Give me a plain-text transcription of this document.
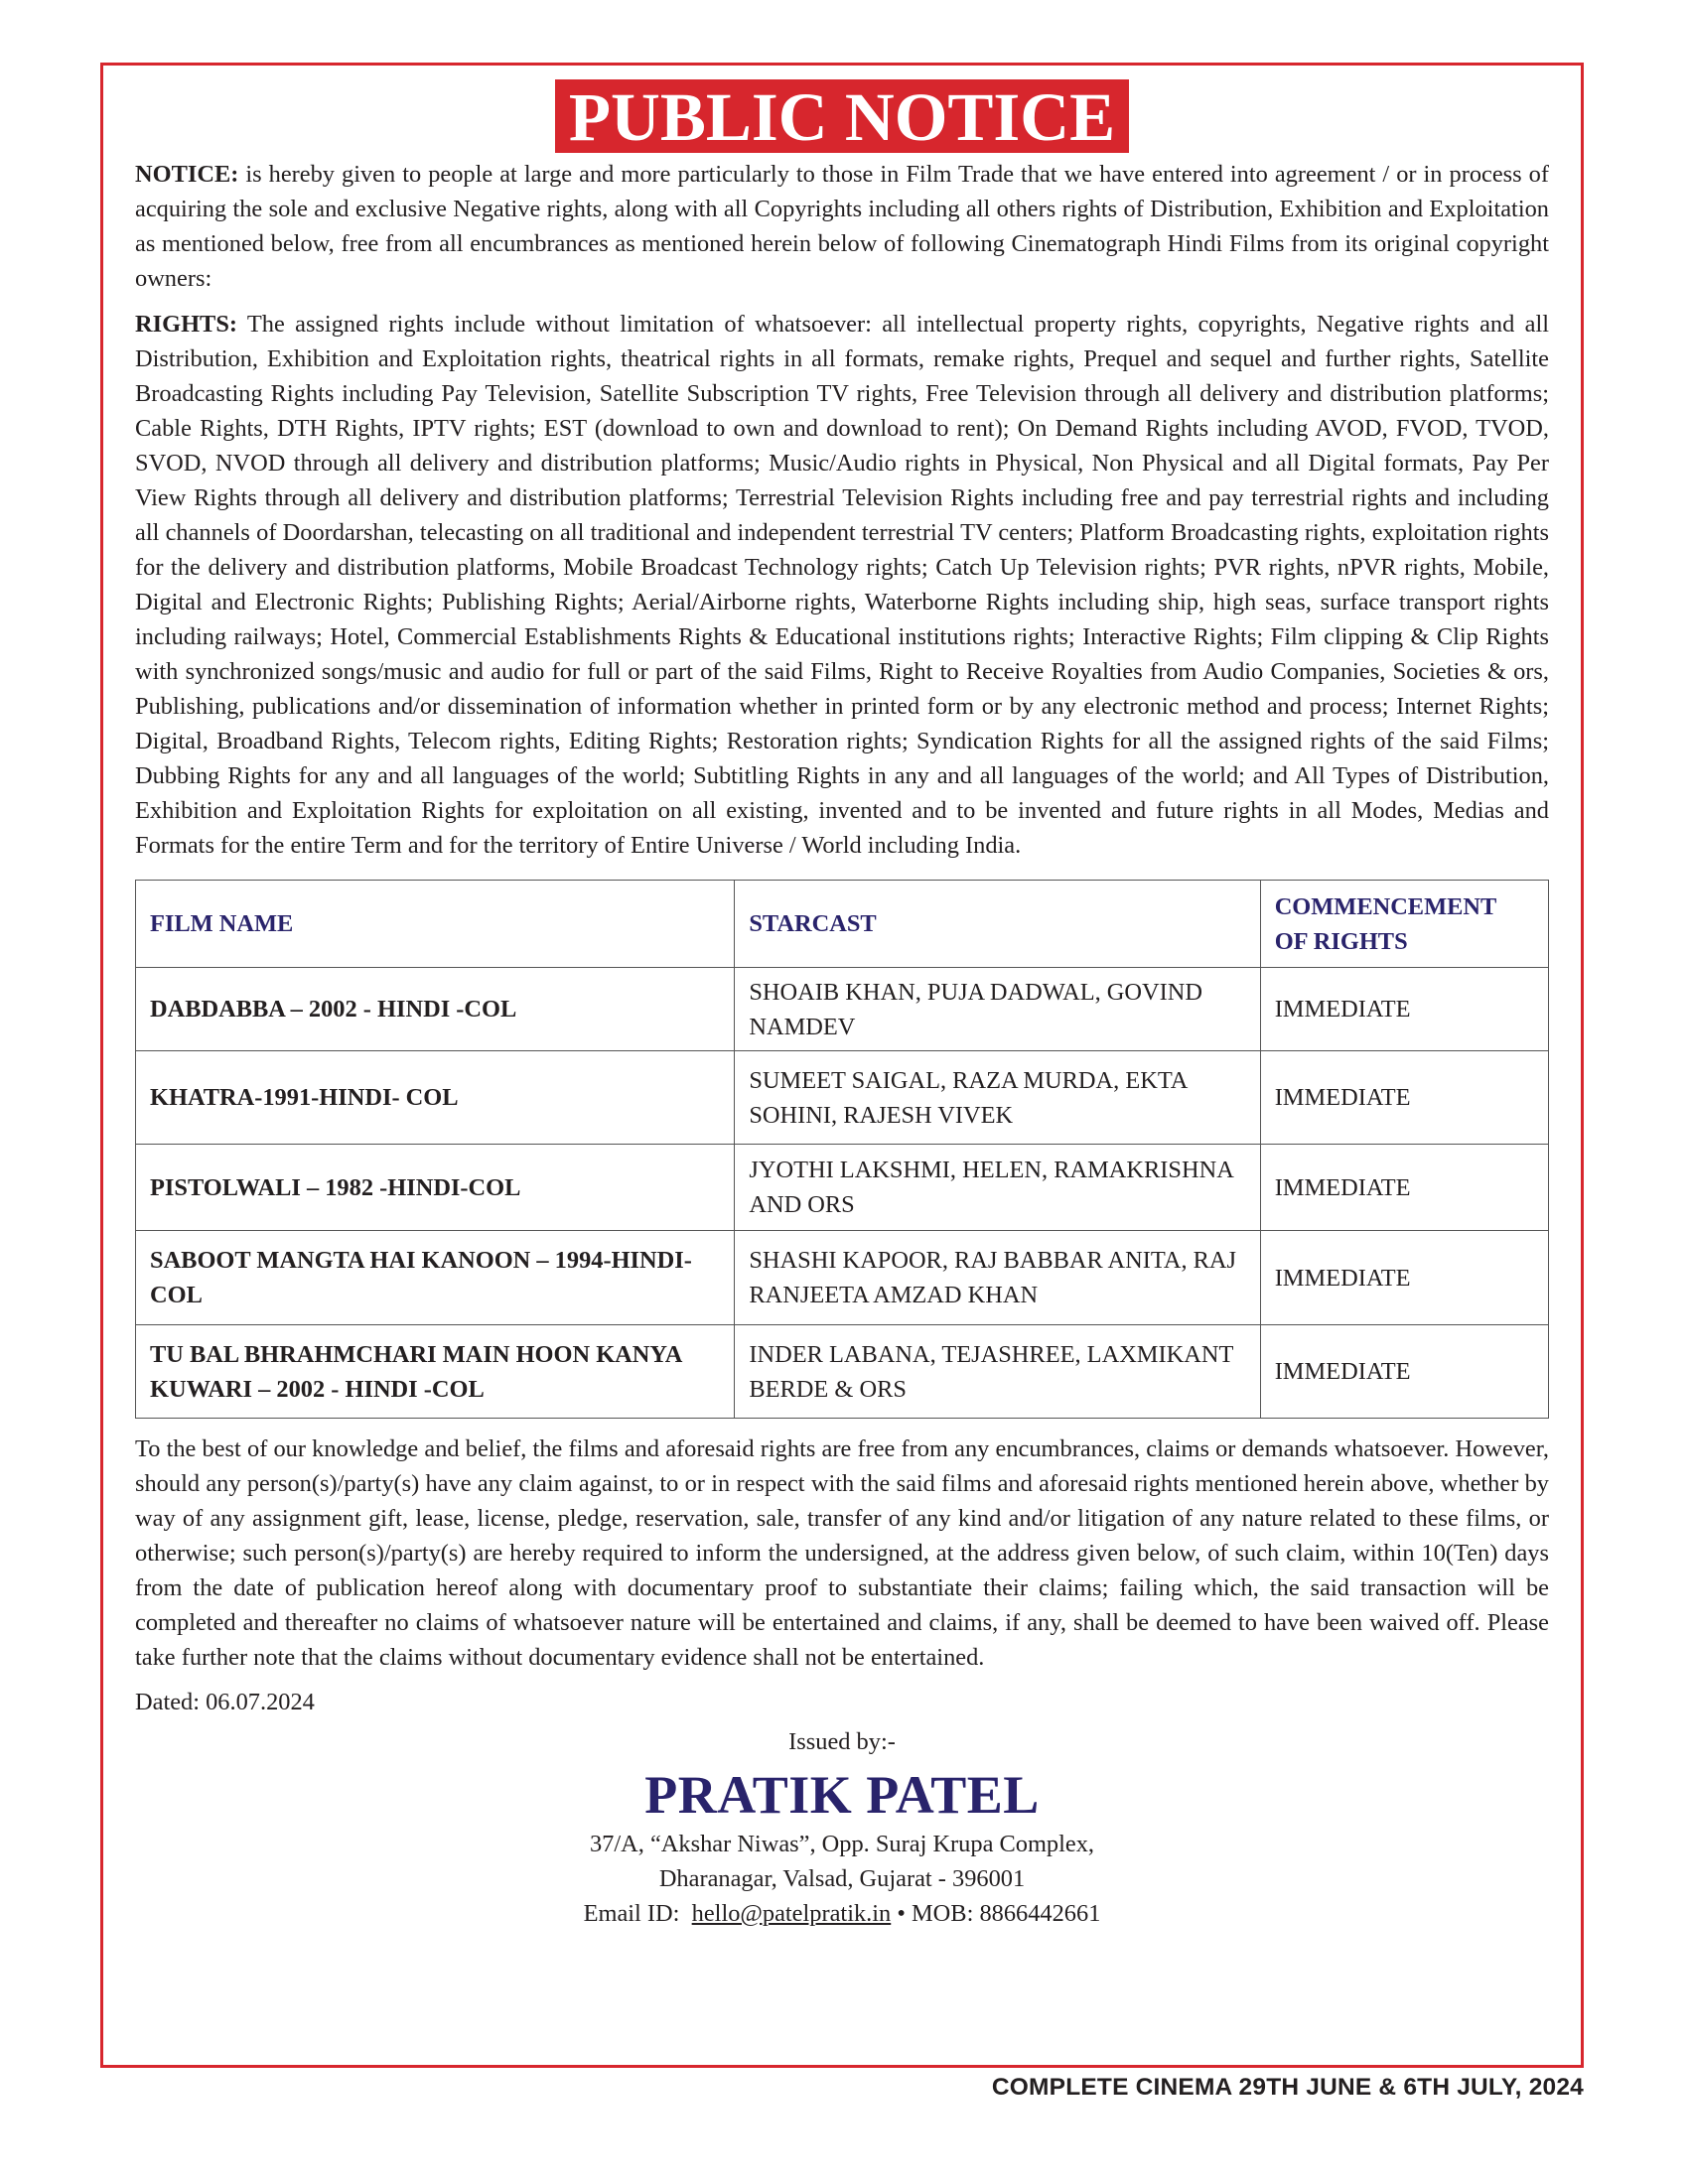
PUBLIC NOTICE

NOTICE: is hereby given to people at large and more particularly to those in Film Trade that we have entered into agreement / or in process of acquiring the sole and exclusive Negative rights, along with all Copyrights including all others rights of Distribution, Exhibition and Exploitation as mentioned below, free from all encumbrances as mentioned herein below of following Cinematograph Hindi Films from its original copyright owners:

RIGHTS: The assigned rights include without limitation of whatsoever: all intellectual property rights, copyrights, Negative rights and all Distribution, Exhibition and Exploitation rights, theatrical rights in all formats, remake rights, Prequel and sequel and further rights, Satellite Broadcasting Rights including Pay Television, Satellite Subscription TV rights, Free Television through all delivery and distribution platforms; Cable Rights, DTH Rights, IPTV rights; EST (download to own and download to rent); On Demand Rights including AVOD, FVOD, TVOD, SVOD, NVOD through all delivery and distribution platforms; Music/Audio rights in Physical, Non Physical and all Digital formats, Pay Per View Rights through all delivery and distribution platforms; Terrestrial Television Rights including free and pay terrestrial rights and including all channels of Doordarshan, telecasting on all traditional and independent terrestrial TV centers; Platform Broadcasting rights, exploitation rights for the delivery and distribution platforms, Mobile Broadcast Technology rights; Catch Up Television rights; PVR rights, nPVR rights, Mobile, Digital and Electronic Rights; Publishing Rights; Aerial/Airborne rights, Waterborne Rights including ship, high seas, surface transport rights including railways; Hotel, Commercial Establishments Rights & Educational institutions rights; Interactive Rights; Film clipping & Clip Rights with synchronized songs/music and audio for full or part of the said Films, Right to Receive Royalties from Audio Companies, Societies & ors, Publishing, publications and/or dissemination of information whether in printed form or by any electronic method and process; Internet Rights; Digital, Broadband Rights, Telecom rights, Editing Rights; Restoration rights; Syndication Rights for all the assigned rights of the said Films; Dubbing Rights for any and all languages of the world; Subtitling Rights in any and all languages of the world; and All Types of Distribution, Exhibition and Exploitation Rights for exploitation on all existing, invented and to be invented and future rights in all Modes, Medias and Formats for the entire Term and for the territory of Entire Universe / World including India.

FILM NAME	STARCAST	COMMENCEMENT OF RIGHTS
DABDABBA – 2002 - HINDI -COL	SHOAIB KHAN, PUJA DADWAL, GOVIND NAMDEV	IMMEDIATE
KHATRA-1991-HINDI- COL	SUMEET SAIGAL, RAZA MURDA, EKTA SOHINI, RAJESH VIVEK	IMMEDIATE
PISTOLWALI – 1982 -HINDI-COL	JYOTHI LAKSHMI, HELEN, RAMAKRISHNA AND ORS	IMMEDIATE
SABOOT MANGTA HAI KANOON – 1994-HINDI-COL	SHASHI KAPOOR, RAJ BABBAR ANITA, RAJ RANJEETA AMZAD KHAN	IMMEDIATE
TU BAL BHRAHMCHARI MAIN HOON KANYA KUWARI – 2002 - HINDI -COL	INDER LABANA, TEJASHREE, LAXMIKANT BERDE & ORS	IMMEDIATE

To the best of our knowledge and belief, the films and aforesaid rights are free from any encumbrances, claims or demands whatsoever. However, should any person(s)/party(s) have any claim against, to or in respect with the said films and aforesaid rights mentioned herein above, whether by way of any assignment gift, lease, license, pledge, reservation, sale, transfer of any kind and/or litigation of any nature related to these films, or otherwise; such person(s)/party(s) are hereby required to inform the undersigned, at the address given below, of such claim, within 10(Ten) days from the date of publication hereof along with documentary proof to substantiate their claims; failing which, the said transaction will be completed and thereafter no claims of whatsoever nature will be entertained and claims, if any, shall be deemed to have been waived off. Please take further note that the claims without documentary evidence shall not be entertained.

Dated: 06.07.2024
Issued by:-
PRATIK PATEL
37/A, “Akshar Niwas”, Opp. Suraj Krupa Complex,
Dharanagar, Valsad, Gujarat - 396001
Email ID: hello@patelpratik.in • MOB: 8866442661
COMPLETE CINEMA 29TH JUNE & 6TH JULY, 2024
